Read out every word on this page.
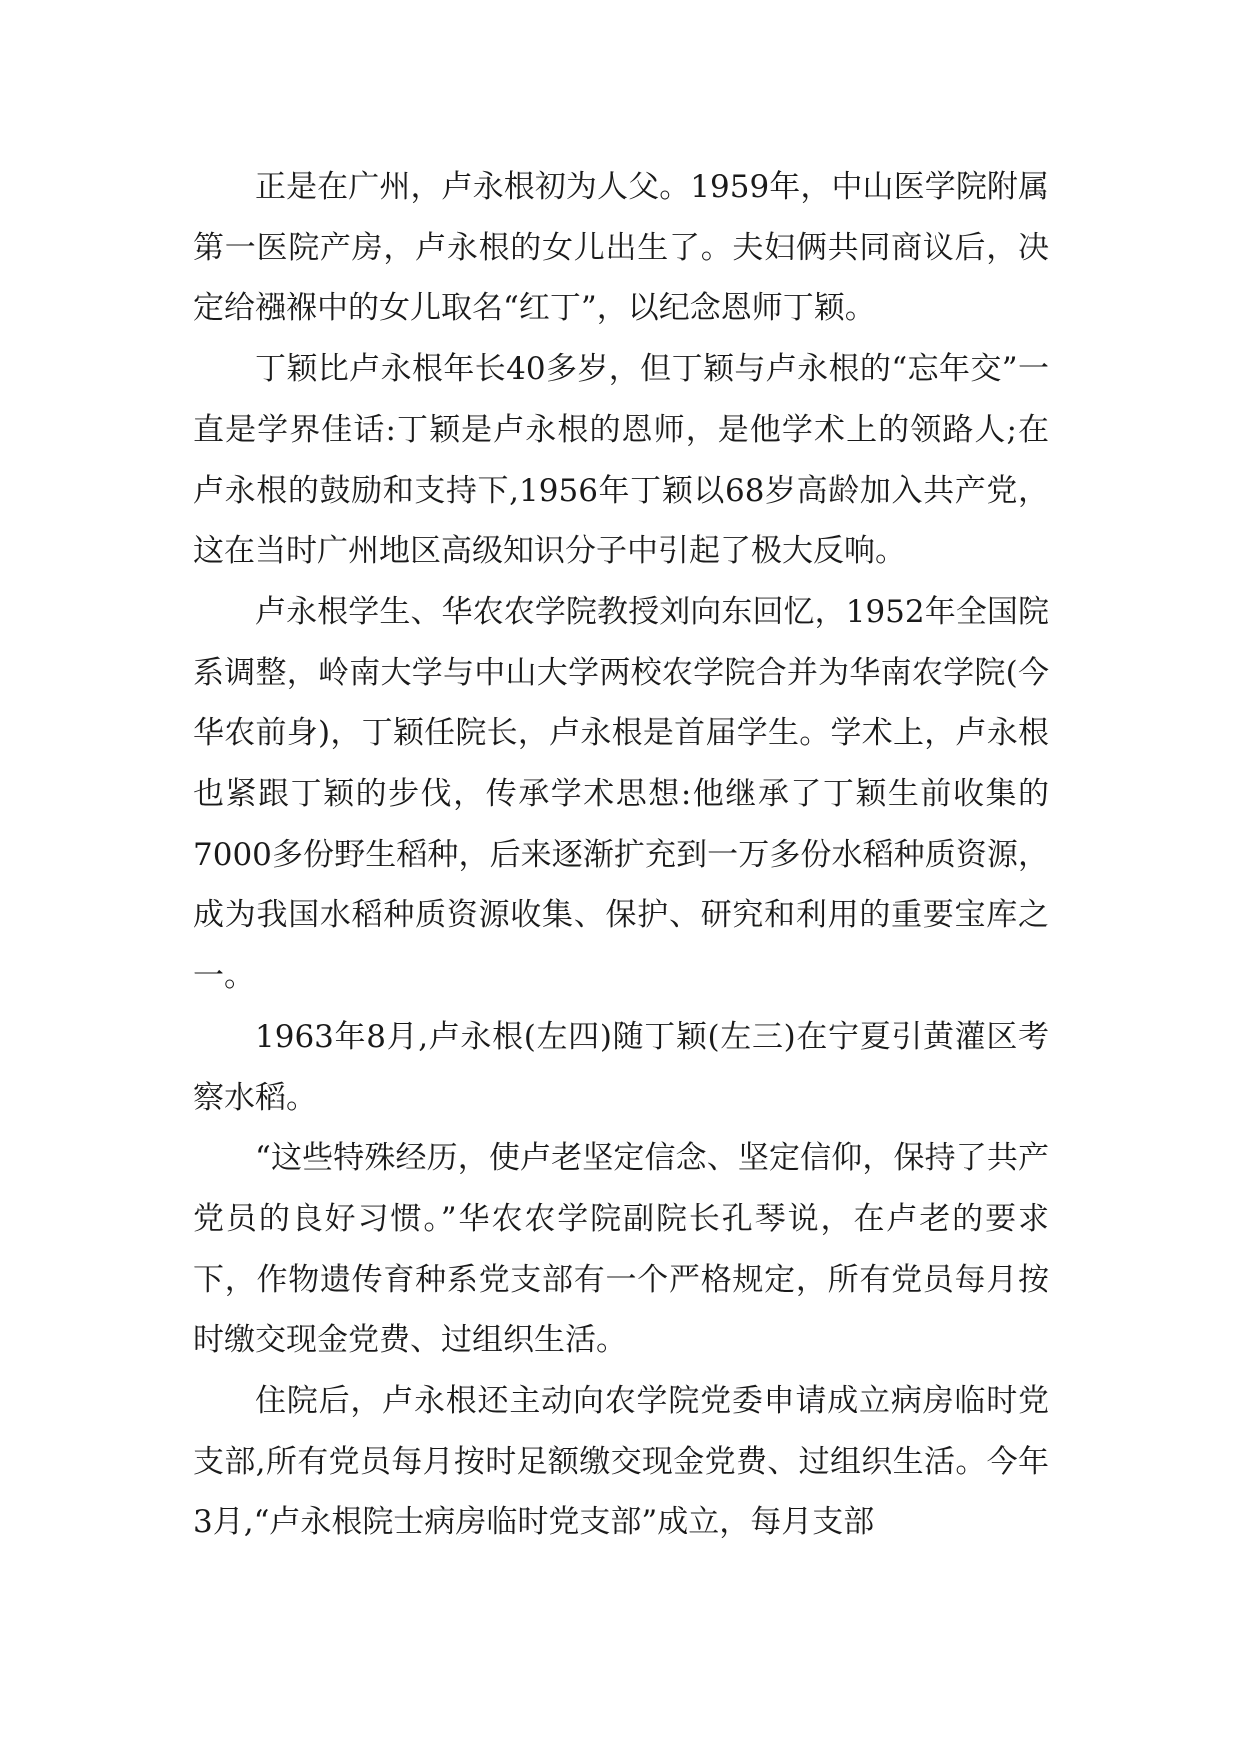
正是在广州，卢永根初为人父。1959年，中山医学院附属第一医院产房，卢永根的女儿出生了。夫妇俩共同商议后，决定给襁褓中的女儿取名“红丁”，以纪念恩师丁颖。

丁颖比卢永根年长40多岁，但丁颖与卢永根的“忘年交”一直是学界佳话:丁颖是卢永根的恩师，是他学术上的领路人;在卢永根的鼓励和支持下,1956年丁颖以68岁高龄加入共产党，这在当时广州地区高级知识分子中引起了极大反响。

卢永根学生、华农农学院教授刘向东回忆，1952年全国院系调整，岭南大学与中山大学两校农学院合并为华南农学院(今华农前身)，丁颖任院长，卢永根是首届学生。学术上，卢永根也紧跟丁颖的步伐，传承学术思想:他继承了丁颖生前收集的7000多份野生稻种，后来逐渐扩充到一万多份水稻种质资源，成为我国水稻种质资源收集、保护、研究和利用的重要宝库之一。

1963年8月,卢永根(左四)随丁颖(左三)在宁夏引黄灌区考察水稻。

“这些特殊经历，使卢老坚定信念、坚定信仰，保持了共产党员的良好习惯。”华农农学院副院长孔琴说，在卢老的要求下，作物遗传育种系党支部有一个严格规定，所有党员每月按时缴交现金党费、过组织生活。

住院后，卢永根还主动向农学院党委申请成立病房临时党支部,所有党员每月按时足额缴交现金党费、过组织生活。今年3月,“卢永根院士病房临时党支部”成立，每月支部
